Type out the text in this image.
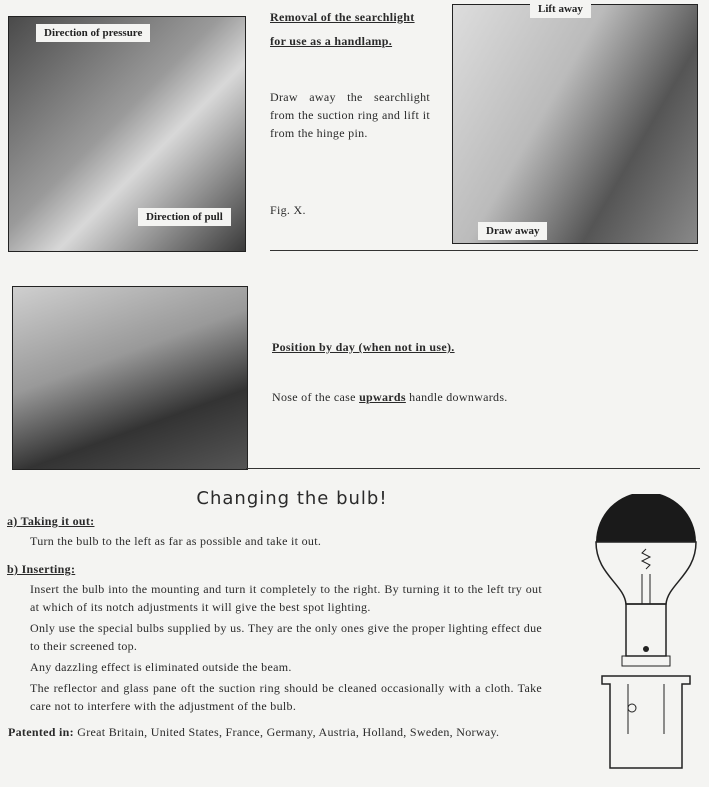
Direction of pressure
Direction of pull
Removal of the searchlight
for use as a handlamp.
Draw away the searchlight from the suction ring and lift it from the hinge pin.
Fig. X.
Lift away
Draw away
Position by day (when not in use).
Nose of the case upwards handle downwards.
Changing the bulb!
a) Taking it out:
Turn the bulb to the left as far as possible and take it out.
b) Inserting:
Insert the bulb into the mounting and turn it completely to the right. By turning it to the left try out at which of its notch adjustments it will give the best spot lighting.
Only use the special bulbs supplied by us. They are the only ones give the proper lighting effect due to their screened top.
Any dazzling effect is eliminated outside the beam.
The reflector and glass pane oft the suction ring should be cleaned occasionally with a cloth. Take care not to interfere with the adjustment of the bulb.
Patented in: Great Britain, United States, France, Germany, Austria, Holland, Sweden, Norway.
